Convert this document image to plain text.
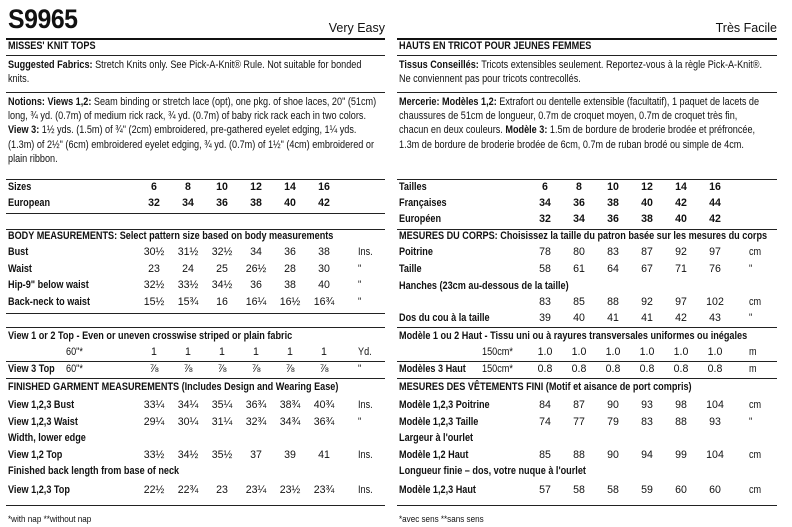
S9965	Very Easy
MISSES' KNIT TOPS
Suggested Fabrics: Stretch Knits only. See Pick-A-Knit® Rule. Not suitable for bonded knits.
Notions: Views 1,2: Seam binding or stretch lace (opt), one pkg. of shoe laces, 20" (51cm) long, ¾ yd. (0.7m) of medium rick rack, ¾ yd. (0.7m) of baby rick rack each in two colors. View 3: 1½ yds. (1.5m) of ¾" (2cm) embroidered, pre-gathered eyelet edging, 1¼ yds. (1.3m) of 2½" (6cm) embroidered eyelet edging, ¾ yd. (0.7m) of 1½" (4cm) embroidered or plain ribbon.
Sizes	6	8	10	12	14	16
European	32	34	36	38	40	42
BODY MEASUREMENTS: Select pattern size based on body measurements
Bust	30½	31½	32½	34	36	38	Ins.
Waist	23	24	25	26½	28	30	"
Hip-9" below waist	32½	33½	34½	36	38	40	"
Back-neck to waist	15½	15¾	16	16¼	16½	16¾	"
View 1 or 2 Top - Even or uneven crosswise striped or plain fabric
60"*	1	1	1	1	1	1	Yd.
View 3 Top 60"*	⅞	⅞	⅞	⅞	⅞	⅞	"
FINISHED GARMENT MEASUREMENTS (Includes Design and Wearing Ease)
View 1,2,3 Bust	33¼	34¼	35¼	36¾	38¾	40¾	Ins.
View 1,2,3 Waist	29¼	30¼	31¼	32¾	34¾	36¾	"
Width, lower edge
View 1,2 Top	33½	34½	35½	37	39	41	Ins.
Finished back length from base of neck
View 1,2,3 Top	22½	22¾	23	23¼	23½	23¾	Ins.
*with nap **without nap
Très Facile
HAUTS EN TRICOT POUR JEUNES FEMMES
Tissus Conseillés: Tricots extensibles seulement. Reportez-vous à la règle Pick-A-Knit®. Ne conviennent pas pour tricots contrecollés.
Mercerie: Modèles 1,2: Extrafort ou dentelle extensible (facultatif), 1 paquet de lacets de chaussures de 51cm de longueur, 0.7m de croquet moyen, 0.7m de croquet très fin, chacun en deux couleurs. Modèle 3: 1.5m de bordure de broderie brodée et préfroncée, 1.3m de bordure de broderie brodée de 6cm, 0.7m de ruban brodé ou simple de 4cm.
Tailles	6	8	10	12	14	16
Françaises	34	36	38	40	42	44
Européen	32	34	36	38	40	42
MESURES DU CORPS: Choisissez la taille du patron basée sur les mesures du corps
Poitrine	78	80	83	87	92	97	cm
Taille	58	61	64	67	71	76	"
Hanches (23cm au-dessous de la taille)
83	85	88	92	97	102	cm
Dos du cou à la taille	39	40	41	41	42	43	"
Modèle 1 ou 2 Haut - Tissu uni ou à rayures transversales uniformes ou inégales
150cm*	1.0	1.0	1.0	1.0	1.0	1.0	m
Modèles 3 Haut 150cm*	0.8	0.8	0.8	0.8	0.8	0.8	m
MESURES DES VÊTEMENTS FINI (Motif et aisance de port compris)
Modèle 1,2,3 Poitrine	84	87	90	93	98	104	cm
Modèle 1,2,3 Taille	74	77	79	83	88	93	"
Largeur à l'ourlet
Modèle 1,2 Haut	85	88	90	94	99	104	cm
Longueur finie – dos, votre nuque à l'ourlet
Modèle 1,2,3 Haut	57	58	58	59	60	60	cm
*avec sens **sans sens
